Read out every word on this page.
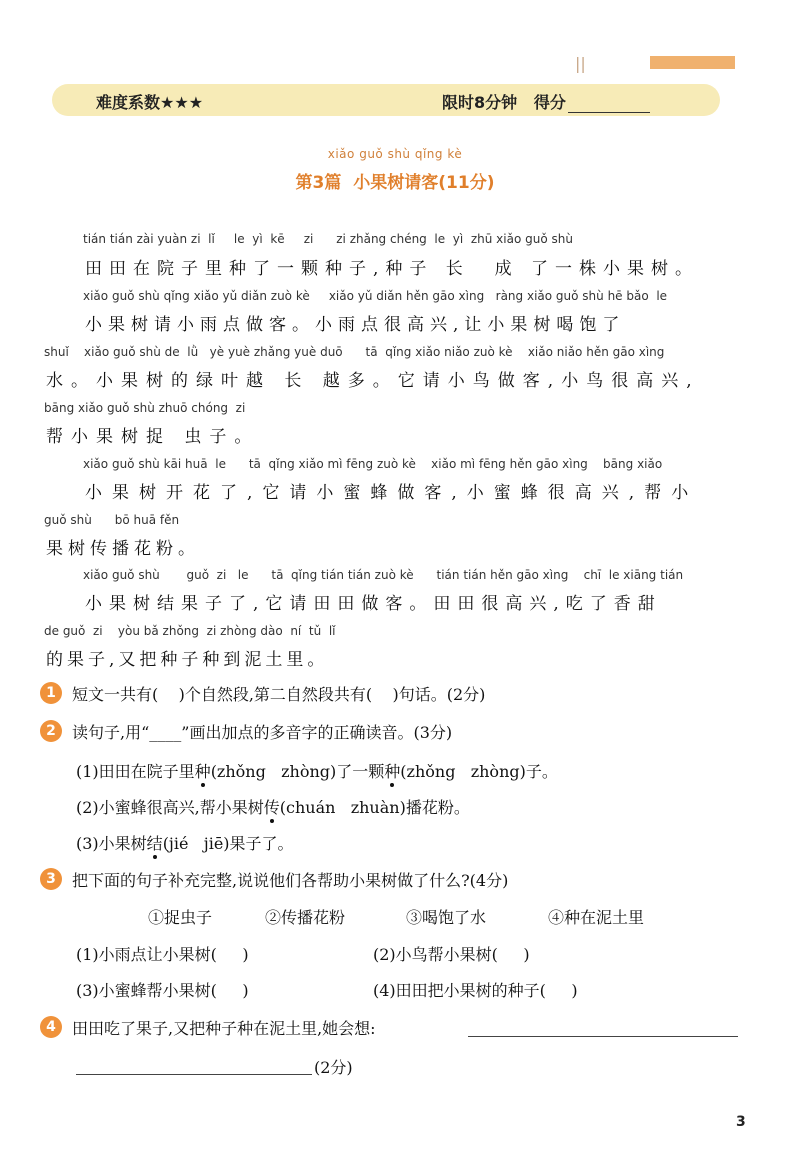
||
难度系数★★★	限时8分钟 得分
xiǎo guǒ shù qǐng kè
第3篇 小果树请客(11分)
tián tián zài yuàn zi  lǐ     le  yì  kē     zi      zi zhǎng chéng  le  yì  zhū xiǎo guǒ shù
田田在院子里种了一颗种子,种子 长  成 了一株小果树。
xiǎo guǒ shù qǐng xiǎo yǔ diǎn zuò kè     xiǎo yǔ diǎn hěn gāo xìng   ràng xiǎo guǒ shù hē bǎo  le
小果树请小雨点做客。小雨点很高兴,让小果树喝饱了
shuǐ    xiǎo guǒ shù de  lǜ   yè yuè zhǎng yuè duō      tā  qǐng xiǎo niǎo zuò kè    xiǎo niǎo hěn gāo xìng
水。小果树的绿叶越 长 越多。它请小鸟做客,小鸟很高兴,
bāng xiǎo guǒ shù zhuō chóng  zi
帮小果树捉 虫子。
xiǎo guǒ shù kāi huā  le      tā  qǐng xiǎo mì fēng zuò kè    xiǎo mì fēng hěn gāo xìng    bāng xiǎo
小果树开花了,它请小蜜蜂做客,小蜜蜂很高兴,帮小
guǒ shù      bō huā fěn
果树传播花粉。
xiǎo guǒ shù       guǒ  zi   le      tā  qǐng tián tián zuò kè      tián tián hěn gāo xìng    chī  le xiāng tián
小果树结果子了,它请田田做客。田田很高兴,吃了香甜
de guǒ  zi    yòu bǎ zhǒng  zi zhòng dào  ní  tǔ  lǐ
的果子,又把种子种到泥土里。
1	短文一共有(    )个自然段,第二自然段共有(    )句话。(2分)
2	读句子,用“____”画出加点的多音字的正确读音。(3分)
(1)田田在院子里种(zhǒng   zhòng)了一颗种(zhǒng   zhòng)子。
(2)小蜜蜂很高兴,帮小果树传(chuán   zhuàn)播花粉。
(3)小果树结(jié   jiē)果子了。
3	把下面的句子补充完整,说说他们各帮助小果树做了什么?(4分)
①捉虫子	②传播花粉	③喝饱了水	④种在泥土里
(1)小雨点让小果树(     )	(2)小鸟帮小果树(     )
(3)小蜜蜂帮小果树(     )	(4)田田把小果树的种子(     )
4	田田吃了果子,又把种子种在泥土里,她会想:
(2分)
3
